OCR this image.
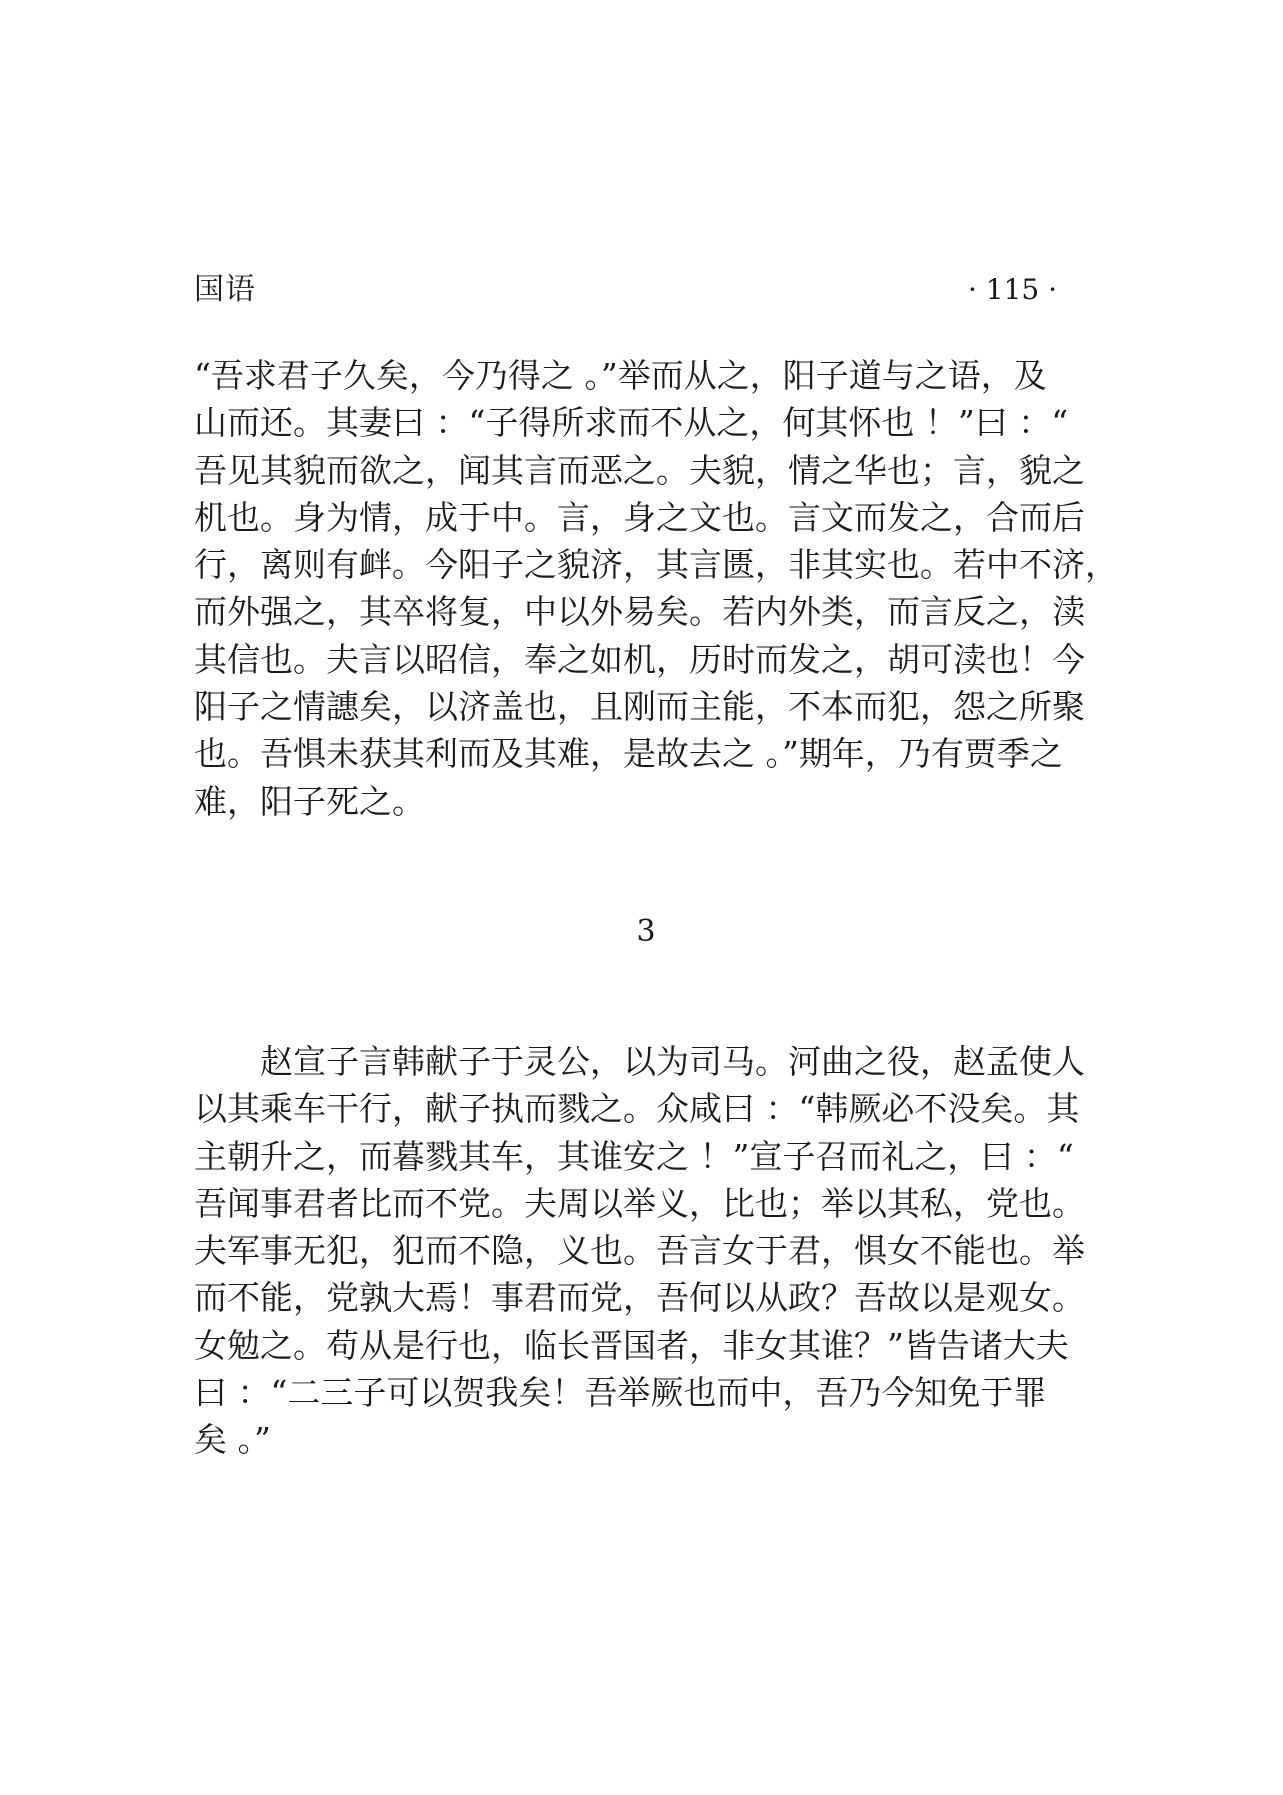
国语	· 115 ·
“吾求君子久矣，今乃得之 。”举而从之，阳子道与之语，及
山而还。其妻曰 ：“子得所求而不从之，何其怀也 ！”曰 ：“
吾见其貌而欲之，闻其言而恶之。夫貌，情之华也；言，貌之
机也。身为情，成于中。言，身之文也。言文而发之，合而后
行，离则有衅。今阳子之貌济，其言匮，非其实也。若中不济，
而外强之，其卒将复，中以外易矣。若内外类，而言反之，渎
其信也。夫言以昭信，奉之如机，历时而发之，胡可渎也！今
阳子之情譓矣，以济盖也，且刚而主能，不本而犯，怨之所聚
也。吾惧未获其利而及其难，是故去之 。”期年，乃有贾季之
难，阳子死之。
3
　　赵宣子言韩献子于灵公，以为司马。河曲之役，赵孟使人
以其乘车干行，献子执而戮之。众咸曰 ：“韩厥必不没矣。其
主朝升之，而暮戮其车，其谁安之 ！”宣子召而礼之，曰 ：“
吾闻事君者比而不党。夫周以举义，比也；举以其私，党也。
夫军事无犯，犯而不隐，义也。吾言女于君，惧女不能也。举
而不能，党孰大焉！事君而党，吾何以从政？吾故以是观女。
女勉之。苟从是行也，临长晋国者，非女其谁？”皆告诸大夫
曰 ：“二三子可以贺我矣！吾举厥也而中，吾乃今知免于罪
矣 。”
